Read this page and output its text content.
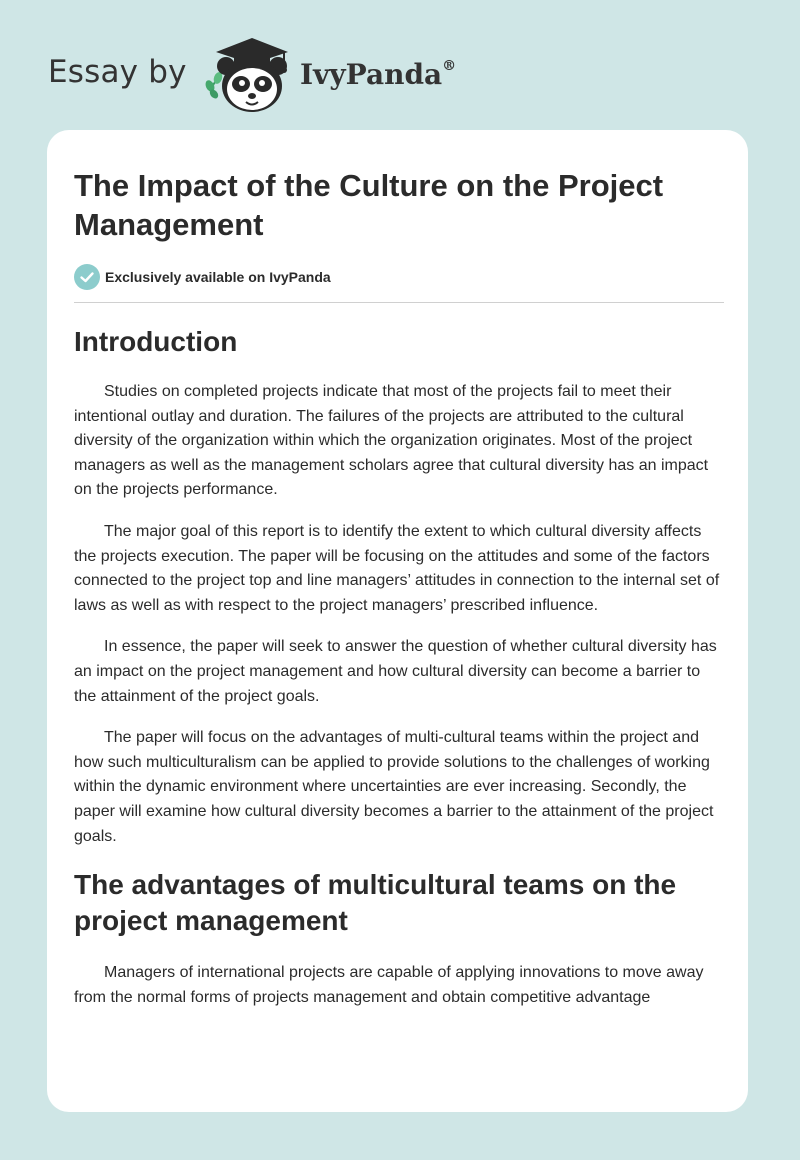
Essay by	IvyPanda®
The Impact of the Culture on the Project Management
Exclusively available on IvyPanda
Introduction

Studies on completed projects indicate that most of the projects fail to meet their intentional outlay and duration. The failures of the projects are attributed to the cultural diversity of the organization within which the organization originates. Most of the project managers as well as the management scholars agree that cultural diversity has an impact on the projects performance.

The major goal of this report is to identify the extent to which cultural diversity affects the projects execution. The paper will be focusing on the attitudes and some of the factors connected to the project top and line managers’ attitudes in connection to the internal set of laws as well as with respect to the project managers’ prescribed influence.

In essence, the paper will seek to answer the question of whether cultural diversity has an impact on the project management and how cultural diversity can become a barrier to the attainment of the project goals.

The paper will focus on the advantages of multi-cultural teams within the project and how such multiculturalism can be applied to provide solutions to the challenges of working within the dynamic environment where uncertainties are ever increasing. Secondly, the paper will examine how cultural diversity becomes a barrier to the attainment of the project goals.

The advantages of multicultural teams on the project management

Managers of international projects are capable of applying innovations to move away from the normal forms of projects management and obtain competitive advantage
